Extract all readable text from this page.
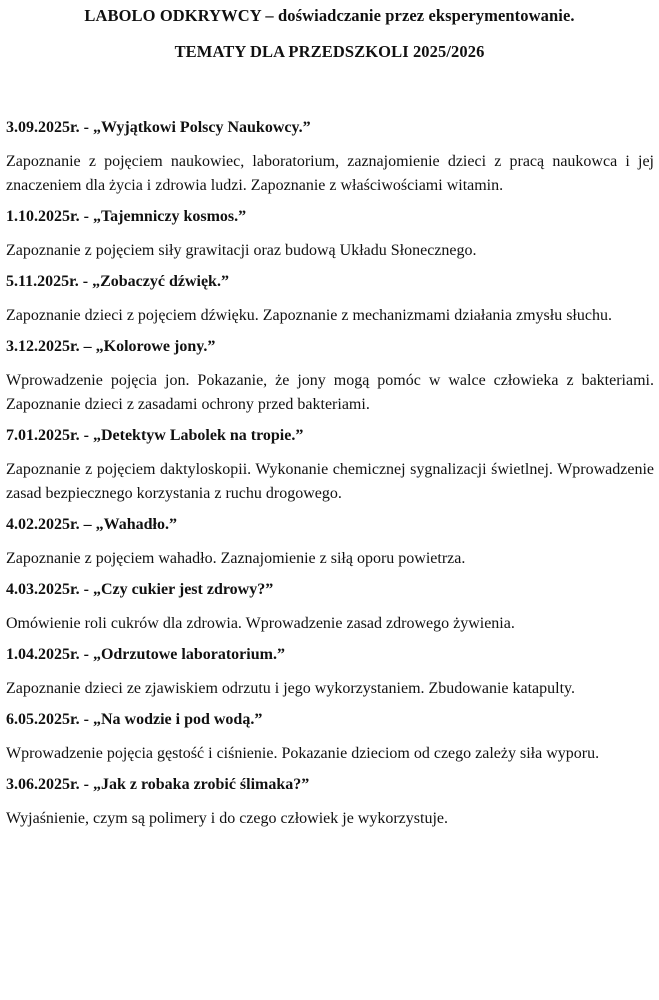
LABOLO ODKRYWCY – doświadczanie przez eksperymentowanie.
TEMATY DLA PRZEDSZKOLI 2025/2026
3.09.2025r. - „Wyjątkowi Polscy Naukowcy.”
Zapoznanie z pojęciem naukowiec, laboratorium, zaznajomienie dzieci z pracą naukowca i jej znaczeniem dla życia i zdrowia ludzi. Zapoznanie z właściwościami witamin.
1.10.2025r. - „Tajemniczy kosmos.”
Zapoznanie z pojęciem siły grawitacji oraz budową Układu Słonecznego.
5.11.2025r. - „Zobaczyć dźwięk.”
Zapoznanie dzieci z pojęciem dźwięku. Zapoznanie z mechanizmami działania zmysłu słuchu.
3.12.2025r. – „Kolorowe jony.”
Wprowadzenie pojęcia jon. Pokazanie, że jony mogą pomóc w walce człowieka z bakteriami. Zapoznanie dzieci z zasadami ochrony przed bakteriami.
7.01.2025r. - „Detektyw Labolek na tropie.”
Zapoznanie z pojęciem daktyloskopii. Wykonanie chemicznej sygnalizacji świetlnej. Wprowadzenie zasad bezpiecznego korzystania z ruchu drogowego.
4.02.2025r. – „Wahadło.”
Zapoznanie z pojęciem wahadło. Zaznajomienie z siłą oporu powietrza.
4.03.2025r. - „Czy cukier jest zdrowy?”
Omówienie roli cukrów dla zdrowia. Wprowadzenie zasad zdrowego żywienia.
1.04.2025r. - „Odrzutowe laboratorium.”
Zapoznanie dzieci ze zjawiskiem odrzutu i jego wykorzystaniem. Zbudowanie katapulty.
6.05.2025r. - „Na wodzie i pod wodą.”
Wprowadzenie pojęcia gęstość i ciśnienie. Pokazanie dzieciom od czego zależy siła wyporu.
3.06.2025r. - „Jak z robaka zrobić ślimaka?”
Wyjaśnienie, czym są polimery i do czego człowiek je wykorzystuje.
